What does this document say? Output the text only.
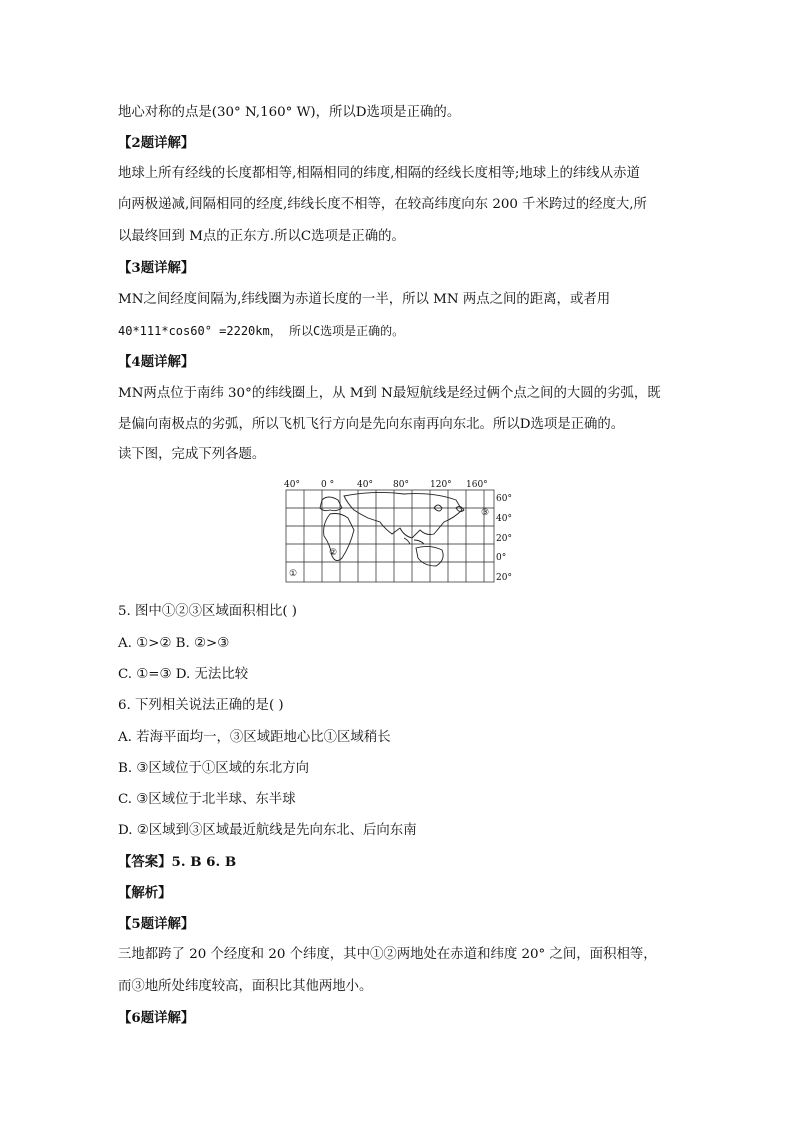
地心对称的点是(30° N,160° W)，所以D选项是正确的。
【2题详解】
地球上所有经线的长度都相等,相隔相同的纬度,相隔的经线长度相等;地球上的纬线从赤道
向两极递减,间隔相同的经度,纬线长度不相等，在较高纬度向东 200 千米跨过的经度大,所
以最终回到 M点的正东方.所以C选项是正确的。
【3题详解】
MN之间经度间隔为,纬线圈为赤道长度的一半，所以 MN 两点之间的距离，或者用
40*111*cos60° =2220km， 所以C选项是正确的。
【4题详解】
MN两点位于南纬 30°的纬线圈上，从 M到 N最短航线是经过俩个点之间的大圆的劣弧，既
是偏向南极点的劣弧，所以飞机飞行方向是先向东南再向东北。所以D选项是正确的。
读下图，完成下列各题。
40° 0 °	40° 80° 120° 160°
60°
40°
20°
0°
20°
①
②
③
5. 图中①②③区域面积相比( )
A. ①>② B. ②>③
C. ①=③ D. 无法比较
6. 下列相关说法正确的是( )
A. 若海平面均一，③区域距地心比①区域稍长
B. ③区域位于①区域的东北方向
C. ③区域位于北半球、东半球
D. ②区域到③区域最近航线是先向东北、后向东南
【答案】5. B 6. B
【解析】
【5题详解】
三地都跨了 20 个经度和 20 个纬度，其中①②两地处在赤道和纬度 20° 之间，面积相等，
而③地所处纬度较高，面积比其他两地小。
【6题详解】
